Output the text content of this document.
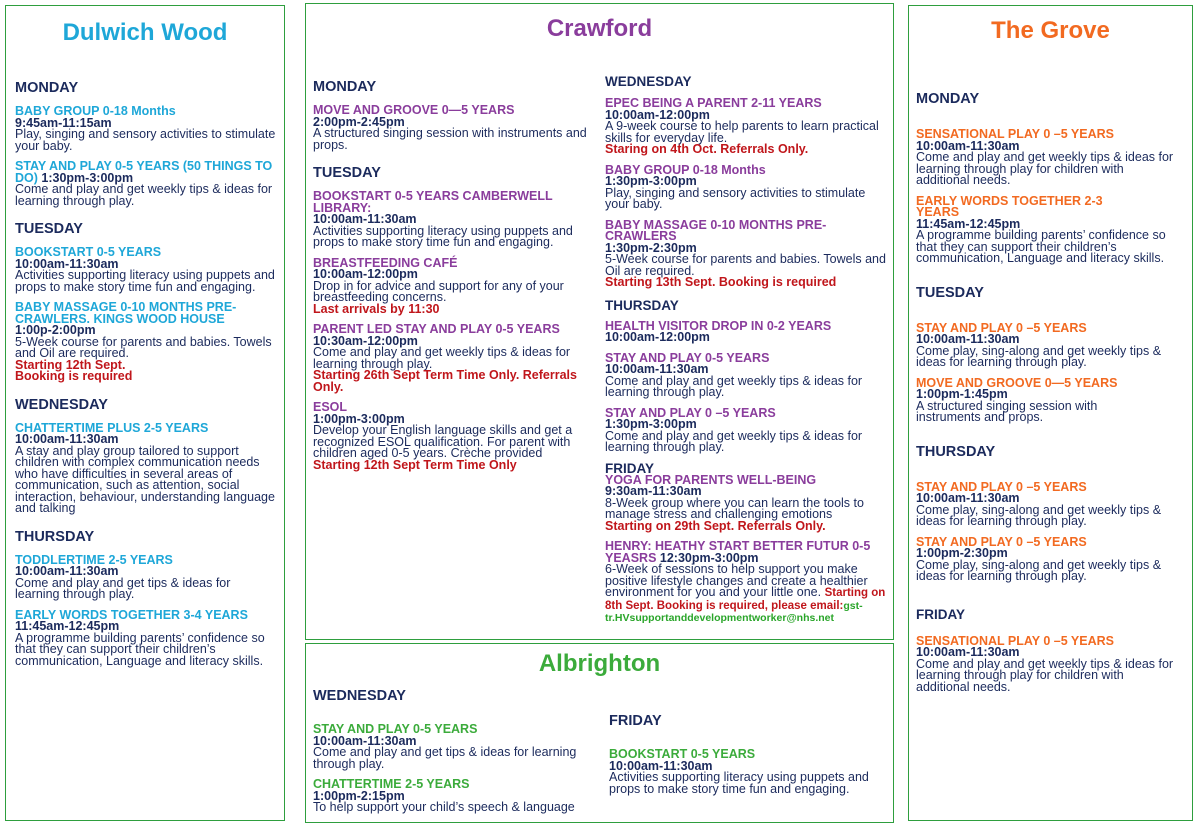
Dulwich Wood
MONDAY
BABY GROUP 0-18 Months
9:45am-11:15am
Play, singing and sensory activities to stimulate your baby.
STAY AND PLAY 0-5 YEARS (50 THINGS TO DO) 1:30pm-3:00pm
Come and play and get weekly tips & ideas for learning through play.
TUESDAY
BOOKSTART 0-5 YEARS
10:00am-11:30am
Activities supporting literacy using puppets and props to make story time fun and engaging.
BABY MASSAGE 0-10 MONTHS PRE-CRAWLERS. KINGS WOOD HOUSE
1:00p-2:00pm
5-Week course for parents and babies. Towels and Oil are required.
Starting 12th Sept. Booking is required
WEDNESDAY
CHATTERTIME PLUS 2-5 YEARS
10:00am-11:30am
A stay and play group tailored to support children with complex communication needs who have difficulties in several areas of communication, such as attention, social interaction, behaviour, understanding language and talking
THURSDAY
TODDLERTIME 2-5 YEARS
10:00am-11:30am
Come and play and get tips & ideas for learning through play.
EARLY WORDS TOGETHER 3-4 YEARS
11:45am-12:45pm
A programme building parents’ confidence so that they can support their children’s communication, Language and literacy skills.
Crawford
MONDAY
MOVE AND GROOVE 0—5 YEARS
2:00pm-2:45pm
A structured singing session with instruments and props.
TUESDAY
BOOKSTART 0-5 YEARS CAMBERWELL LIBRARY:
10:00am-11:30am
Activities supporting literacy using puppets and props to make story time fun and engaging.
BREASTFEEDING CAFÉ
10:00am-12:00pm
Drop in for advice and support for any of your breastfeeding concerns.
Last arrivals by 11:30
PARENT LED STAY AND PLAY 0-5 YEARS
10:30am-12:00pm
Come and play and get weekly tips & ideas for learning through play.
Starting 26th Sept Term Time Only. Referrals Only.
ESOL
1:00pm-3:00pm
Develop your English language skills and get a recognized ESOL qualification. For parent with children aged 0-5 years. Crèche provided
Starting 12th Sept Term Time Only
WEDNESDAY
EPEC BEING A PARENT 2-11 YEARS
10:00am-12:00pm
A 9-week course to help parents to learn practical skills for everyday life.
Staring on 4th Oct. Referrals Only.
BABY GROUP 0-18 Months
1:30pm-3:00pm
Play, singing and sensory activities to stimulate your baby.
BABY MASSAGE 0-10 MONTHS PRE-CRAWLERS
1:30pm-2:30pm
5-Week course for parents and babies. Towels and Oil are required.
Starting 13th Sept. Booking is required
THURSDAY
HEALTH VISITOR DROP IN 0-2 YEARS
10:00am-12:00pm
STAY AND PLAY 0-5 YEARS
10:00am-11:30am
Come and play and get weekly tips & ideas for learning through play.
STAY AND PLAY 0 –5 YEARS
1:30pm-3:00pm
Come and play and get weekly tips & ideas for learning through play.
FRIDAY
YOGA FOR PARENTS WELL-BEING
9:30am-11:30am
8-Week group where you can learn the tools to manage stress and challenging emotions
Starting on 29th Sept. Referrals Only.
HENRY: HEATHY START BETTER FUTUR 0-5 YEASRS 12:30pm-3:00pm
6-Week of sessions to help support you make positive lifestyle changes and create a healthier environment for you and your little one. Starting on 8th Sept. Booking is required, please email:gst-tr.HVsupportanddevelopmentworker@nhs.net
Albrighton
WEDNESDAY
STAY AND PLAY 0-5 YEARS
10:00am-11:30am
Come and play and get tips & ideas for learning through play.
CHATTERTIME 2-5 YEARS
1:00pm-2:15pm
To help support your child’s speech & language
FRIDAY
BOOKSTART 0-5 YEARS
10:00am-11:30am
Activities supporting literacy using puppets and props to make story time fun and engaging.
The Grove
MONDAY
SENSATIONAL PLAY 0 –5 YEARS
10:00am-11:30am
Come and play and get weekly tips & ideas for learning through play for children with additional needs.
EARLY WORDS TOGETHER 2-3 YEARS
11:45am-12:45pm
A programme building parents’ confidence so that they can support their children’s communication, Language and literacy skills.
TUESDAY
STAY AND PLAY 0 –5 YEARS
10:00am-11:30am
Come play, sing-along and get weekly tips & ideas for learning through play.
MOVE AND GROOVE 0—5 YEARS
1:00pm-1:45pm
A structured singing session with instruments and props.
THURSDAY
STAY AND PLAY 0 –5 YEARS
10:00am-11:30am
Come play, sing-along and get weekly tips & ideas for learning through play.
STAY AND PLAY 0 –5 YEARS
1:00pm-2:30pm
Come play, sing-along and get weekly tips & ideas for learning through play.
FRIDAY
SENSATIONAL PLAY 0 –5 YEARS
10:00am-11:30am
Come and play and get weekly tips & ideas for learning through play for children with additional needs.
